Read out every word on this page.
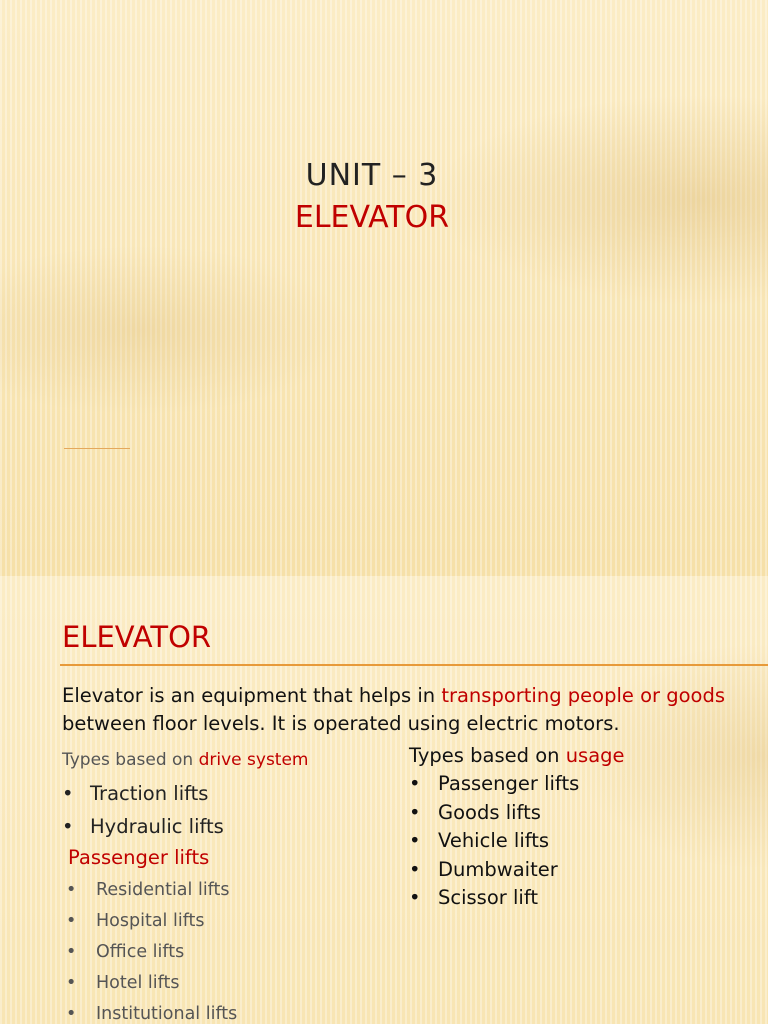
UNIT – 3
ELEVATOR
ELEVATOR
Elevator is an equipment that helps in transporting people or goods between floor levels. It is operated using electric motors.
Types based on drive system
• Traction lifts
• Hydraulic lifts
Passenger lifts
• Residential lifts
• Hospital lifts
• Office lifts
• Hotel lifts
• Institutional lifts
Types based on usage
• Passenger lifts
• Goods lifts
• Vehicle lifts
• Dumbwaiter
• Scissor lift
